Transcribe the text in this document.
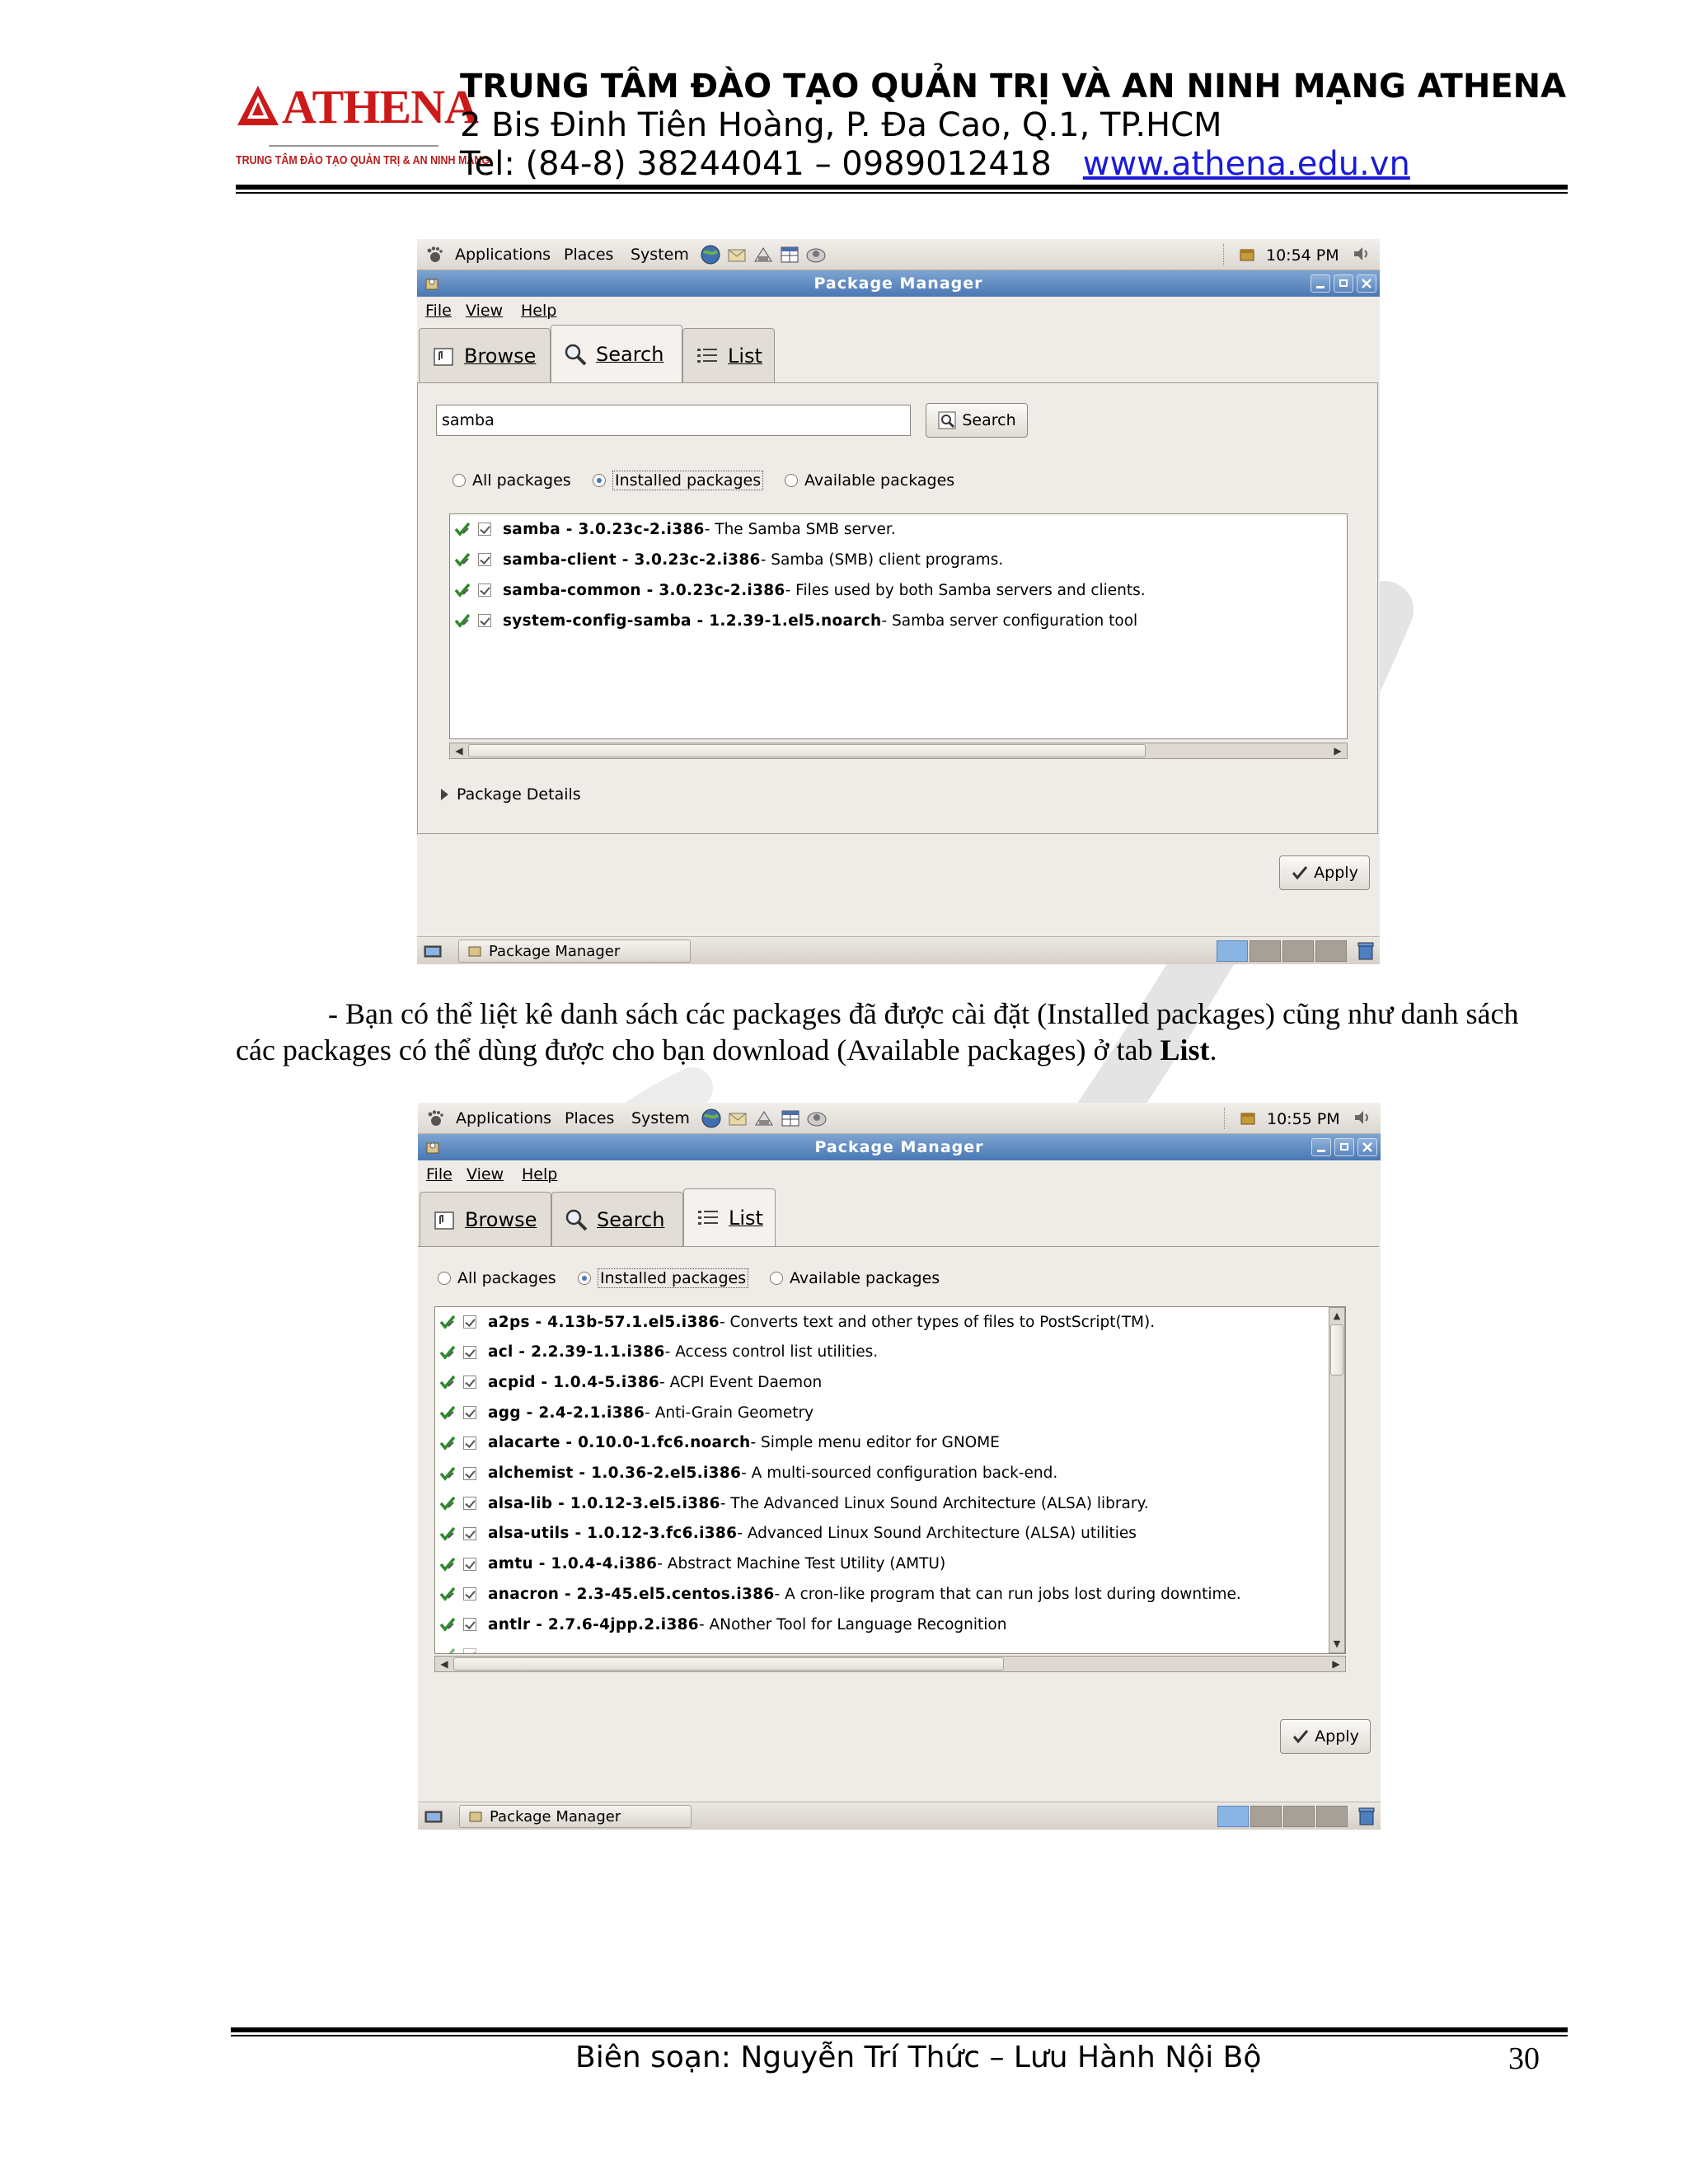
ATHENA
TRUNG TÂM ĐÀO TẠO QUẢN TRỊ & AN NINH MẠNG
TRUNG TÂM ĐÀO TẠO QUẢN TRỊ VÀ AN NINH MẠNG ATHENA
2 Bis Đinh Tiên Hoàng, P. Đa Cao, Q.1, TP.HCM
Tel: (84-8) 38244041 – 0989012418 www.athena.edu.vn
Applications Places System	10:54 PM
Package Manager
File View Help
Browse	Search	List
samba	Search
All packages	Installed packages	Available packages
samba - 3.0.23c-2.i386 - The Samba SMB server.
samba-client - 3.0.23c-2.i386 - Samba (SMB) client programs.
samba-common - 3.0.23c-2.i386 - Files used by both Samba servers and clients.
system-config-samba - 1.2.39-1.el5.noarch - Samba server configuration tool
◀	▶
Package Details
Apply
Package Manager

- Bạn có thể liệt kê danh sách các packages đã được cài đặt (Installed packages) cũng như danh sách các packages có thể dùng được cho bạn download (Available packages) ở tab List.

Applications Places System	10:55 PM
Package Manager
File View Help
Browse	Search	List
All packages	Installed packages	Available packages
a2ps - 4.13b-57.1.el5.i386 - Converts text and other types of files to PostScript(TM).
acl - 2.2.39-1.1.i386 - Access control list utilities.
acpid - 1.0.4-5.i386 - ACPI Event Daemon
agg - 2.4-2.1.i386 - Anti-Grain Geometry
alacarte - 0.10.0-1.fc6.noarch - Simple menu editor for GNOME
alchemist - 1.0.36-2.el5.i386 - A multi-sourced configuration back-end.
alsa-lib - 1.0.12-3.el5.i386 - The Advanced Linux Sound Architecture (ALSA) library.
alsa-utils - 1.0.12-3.fc6.i386 - Advanced Linux Sound Architecture (ALSA) utilities
amtu - 1.0.4-4.i386 - Abstract Machine Test Utility (AMTU)
anacron - 2.3-45.el5.centos.i386 - A cron-like program that can run jobs lost during downtime.
antlr - 2.7.6-4jpp.2.i386 - ANother Tool for Language Recognition
▲
▼
◀	▶
Apply
Package Manager
Biên soạn: Nguyễn Trí Thức – Lưu Hành Nội Bộ	30
